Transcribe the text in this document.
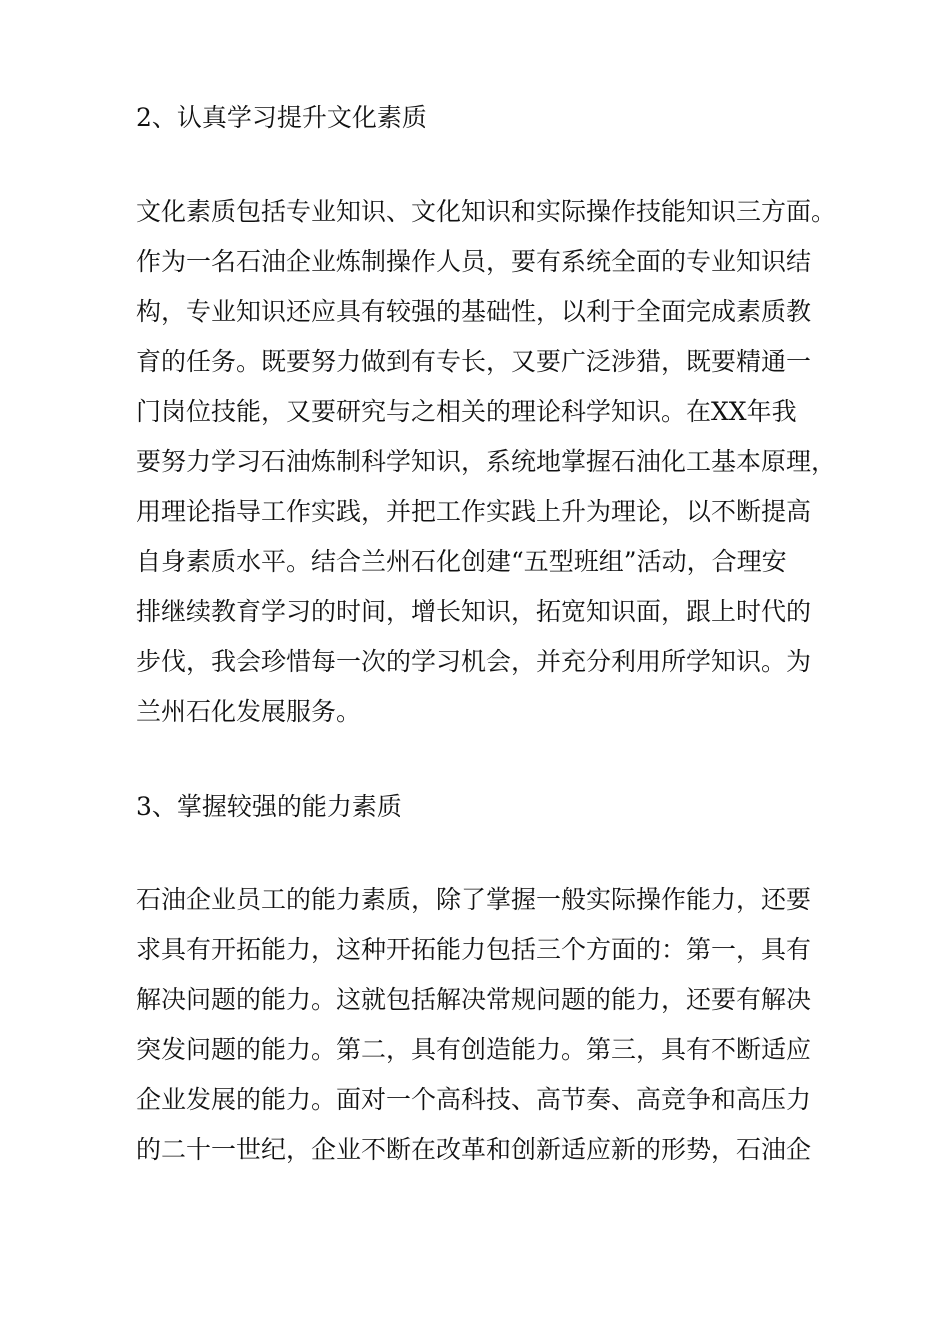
2、认真学习提升文化素质
文化素质包括专业知识、文化知识和实际操作技能知识三方面。
作为一名石油企业炼制操作人员，要有系统全面的专业知识结
构，专业知识还应具有较强的基础性，以利于全面完成素质教
育的任务。既要努力做到有专长，又要广泛涉猎，既要精通一
门岗位技能，又要研究与之相关的理论科学知识。在XX年我
要努力学习石油炼制科学知识，系统地掌握石油化工基本原理，
用理论指导工作实践，并把工作实践上升为理论，以不断提高
自身素质水平。结合兰州石化创建“五型班组”活动，合理安
排继续教育学习的时间，增长知识，拓宽知识面，跟上时代的
步伐，我会珍惜每一次的学习机会，并充分利用所学知识。为
兰州石化发展服务。
3、掌握较强的能力素质
石油企业员工的能力素质，除了掌握一般实际操作能力，还要
求具有开拓能力，这种开拓能力包括三个方面的：第一，具有
解决问题的能力。这就包括解决常规问题的能力，还要有解决
突发问题的能力。第二，具有创造能力。第三，具有不断适应
企业发展的能力。面对一个高科技、高节奏、高竞争和高压力
的二十一世纪，企业不断在改革和创新适应新的形势，石油企
